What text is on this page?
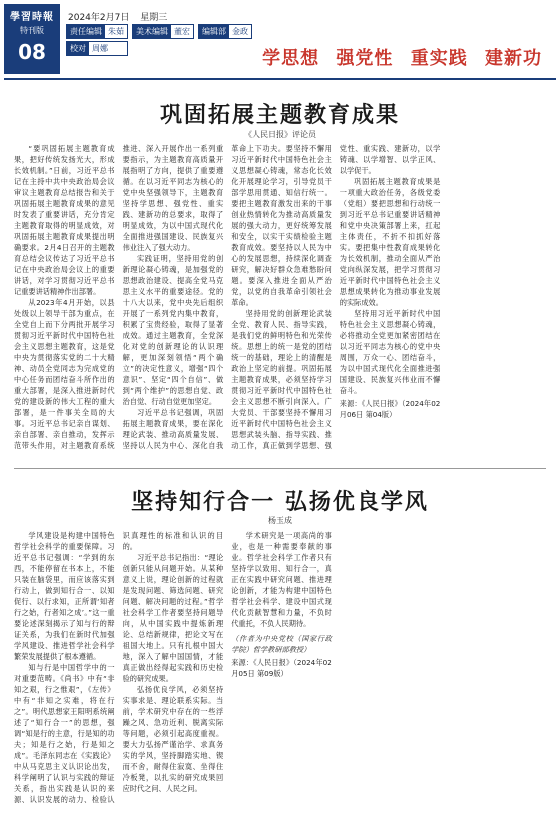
學習時報
特刊版
08
2024年2月7日 星期三
责任编辑 朱茹	美术编辑 董宏	编辑部 金政
校对 周娜	学思想 强党性 重实践 建新功
巩固拓展主题教育成果
《人民日报》评论员

“要巩固拓展主题教育成果，把好传统发扬光大，形成长效机制。”日前，习近平总书记在主持中共中央政治局会议审议主题教育总结报告和关于巩固拓展主题教育成果的意见时发表了重要讲话，充分肯定主题教育取得的明显成效，对巩固拓展主题教育成果提出明确要求。2月4日召开的主题教育总结会议传达了习近平总书记在中央政治局会议上的重要讲话，对学习贯彻习近平总书记重要讲话精神作出部署。

从2023年4月开始，以县处级以上领导干部为重点，在全党自上而下分两批开展学习贯彻习近平新时代中国特色社会主义思想主题教育，这是党中央为贯彻落实党的二十大精神、动员全党同志为完成党的中心任务而团结奋斗所作出的重大部署，是深入推进新时代党的建设新的伟大工程的重大部署，是一件事关全局的大事。习近平总书记亲自谋划、亲自部署、亲自推动，发挥示范带头作用，对主题教育系统推进、深入开展作出一系列重要指示，为主题教育高质量开展指明了方向，提供了重要遵循。在以习近平同志为核心的党中央坚强领导下，主题教育坚持学思想、强党性、重实践、建新功的总要求，取得了明显成效，为以中国式现代化全面推进强国建设、民族复兴伟业注入了强大动力。

实践证明，坚持用党的创新理论凝心铸魂，是加强党的思想政治建设、提高全党马克思主义水平的重要途径。党的十八大以来，党中央先后组织开展了一系列党内集中教育，积累了宝贵经验，取得了显著成效。通过主题教育，全党深化对党的创新理论的认识理解，更加深刻领悟“两个确立”的决定性意义，增强“四个意识”、坚定“四个自信”、做到“两个维护”的思想自觉、政治自觉、行动自觉更加坚定。

习近平总书记强调，巩固拓展主题教育成果，要在深化理论武装、推动高质量发展、坚持以人民为中心、深化自我革命上下功夫。要坚持不懈用习近平新时代中国特色社会主义思想凝心铸魂，常态化长效化开展理论学习，引导党员干部学思用贯通、知信行统一。要把主题教育激发出来的干事创业热情转化为推动高质量发展的强大动力，更好统筹发展和安全，以实干实绩检验主题教育成效。要坚持以人民为中心的发展思想，持续深化调查研究，解决好群众急难愁盼问题。要深入推进全面从严治党，以党的自我革命引领社会革命。

坚持用党的创新理论武装全党、教育人民、指导实践，是我们党的鲜明特色和光荣传统。思想上的统一是党的团结统一的基础，理论上的清醒是政治上坚定的前提。巩固拓展主题教育成果，必须坚持学习贯彻习近平新时代中国特色社会主义思想不断引向深入。广大党员、干部要坚持不懈用习近平新时代中国特色社会主义思想武装头脑、指导实践、推动工作，真正做到学思想、强党性、重实践、建新功，以学铸魂、以学增智、以学正风、以学促干。

巩固拓展主题教育成果是一项重大政治任务，各级党委（党组）要把思想和行动统一到习近平总书记重要讲话精神和党中央决策部署上来，扛起主体责任，不折不扣抓好落实。要把集中性教育成果转化为长效机制，推动全面从严治党向纵深发展，把学习贯彻习近平新时代中国特色社会主义思想成果转化为推动事业发展的实际成效。

坚持用习近平新时代中国特色社会主义思想凝心铸魂，必将推动全党更加紧密团结在以习近平同志为核心的党中央周围，万众一心、团结奋斗，为以中国式现代化全面推进强国建设、民族复兴伟业而不懈奋斗。

来源：《人民日报》（2024年02月06日 第04版）

坚持知行合一 弘扬优良学风
杨玉成

学风建设是构建中国特色哲学社会科学的重要保障。习近平总书记强调：“学到的东西，不能停留在书本上，不能只装在脑袋里，而应该落实到行动上，做到知行合一、以知促行、以行求知，正所谓‘知者行之始，行者知之成’。”这一重要论述深刻揭示了知与行的辩证关系，为我们在新时代加强学风建设、推进哲学社会科学繁荣发展提供了根本遵循。

知与行是中国哲学中的一对重要范畴。《尚书》中有“非知之艰，行之惟艰”，《左传》中有“非知之实难，将在行之”。明代思想家王阳明系统阐述了“知行合一”的思想，强调“知是行的主意，行是知的功夫；知是行之始，行是知之成”。毛泽东同志在《实践论》中从马克思主义认识论出发，科学阐明了认识与实践的辩证关系，指出实践是认识的来源、认识发展的动力、检验认识真理性的标准和认识的目的。

习近平总书记指出：“理论创新只能从问题开始。从某种意义上说，理论创新的过程就是发现问题、筛选问题、研究问题、解决问题的过程。”哲学社会科学工作者要坚持问题导向，从中国实践中提炼新理论、总结新规律，把论文写在祖国大地上。只有扎根中国大地，深入了解中国国情，才能真正做出经得起实践和历史检验的研究成果。

弘扬优良学风，必须坚持实事求是、理论联系实际。当前，学术研究中存在的一些浮躁之风、急功近利、脱离实际等问题，必须引起高度重视。要大力弘扬严谨治学、求真务实的学风，坚持脚踏实地、锲而不舍，耐得住寂寞、坐得住冷板凳，以扎实的研究成果回应时代之问、人民之问。

学术研究是一项高尚的事业，也是一种需要奉献的事业。哲学社会科学工作者只有坚持学以致用、知行合一，真正在实践中研究问题、推进理论创新，才能为构建中国特色哲学社会科学、建设中国式现代化贡献智慧和力量，不负时代重托，不负人民期待。

（作者为中央党校（国家行政学院）哲学教研部教授）

来源：《人民日报》（2024年02月05日 第09版）
